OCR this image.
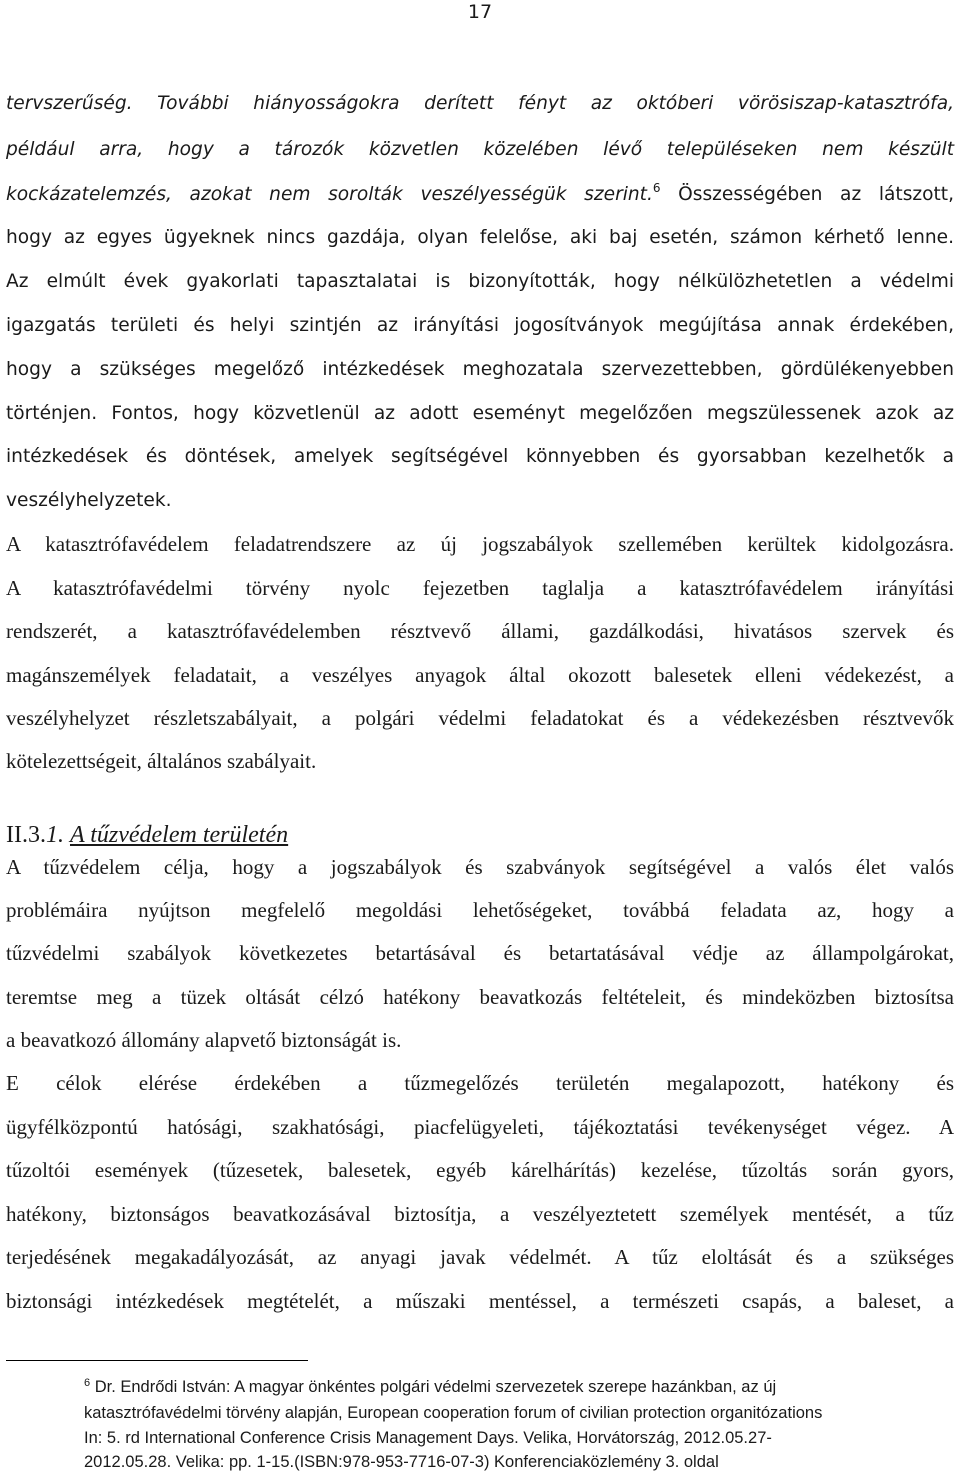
17
tervszerűség. További hiányosságokra derített fényt az októberi vörösiszap-katasztrófa,
például arra, hogy a tározók közvetlen közelében lévő településeken nem készült
kockázatelemzés, azokat nem sorolták veszélyességük szerint.$^6$ Összességében az látszott,
hogy az egyes ügyeknek nincs gazdája, olyan felelőse, aki baj esetén, számon kérhető lenne.
Az elmúlt évek gyakorlati tapasztalatai is bizonyították, hogy nélkülözhetetlen a védelmi
igazgatás területi és helyi szintjén az irányítási jogosítványok megújítása annak érdekében,
hogy a szükséges megelőző intézkedések meghozatala szervezettebben, gördülékenyebben
történjen. Fontos, hogy közvetlenül az adott eseményt megelőzően megszülessenek azok az
intézkedések és döntések, amelyek segítségével könnyebben és gyorsabban kezelhetők a
veszélyhelyzetek.
A katasztrófavédelem feladatrendszere az új jogszabályok szellemében kerültek kidolgozásra.
A katasztrófavédelmi törvény nyolc fejezetben taglalja a katasztrófavédelem irányítási
rendszerét, a katasztrófavédelemben résztvevő állami, gazdálkodási, hivatásos szervek és
magánszemélyek feladatait, a veszélyes anyagok által okozott balesetek elleni védekezést, a
veszélyhelyzet részletszabályait, a polgári védelmi feladatokat és a védekezésben résztvevők
kötelezettségeit, általános szabályait.
II.3.1. A tűzvédelem területén
A tűzvédelem célja, hogy a jogszabályok és szabványok segítségével a valós élet valós
problémáira nyújtson megfelelő megoldási lehetőségeket, továbbá feladata az, hogy a
tűzvédelmi szabályok következetes betartásával és betartatásával védje az állampolgárokat,
teremtse meg a tüzek oltását célzó hatékony beavatkozás feltételeit, és mindeközben biztosítsa
a beavatkozó állomány alapvető biztonságát is.
E célok elérése érdekében a tűzmegelőzés területén megalapozott, hatékony és
ügyfélközpontú hatósági, szakhatósági, piacfelügyeleti, tájékoztatási tevékenységet végez. A
tűzoltói események (tűzesetek, balesetek, egyéb kárelhárítás) kezelése, tűzoltás során gyors,
hatékony, biztonságos beavatkozásával biztosítja, a veszélyeztetett személyek mentését, a tűz
terjedésének megakadályozását, az anyagi javak védelmét. A tűz eloltását és a szükséges
biztonsági intézkedések megtételét, a műszaki mentéssel, a természeti csapás, a baleset, a
$^6$ Dr. Endrődi István: A magyar önkéntes polgári védelmi szervezetek szerepe hazánkban, az új
katasztrófavédelmi törvény alapján, European cooperation forum of civilian protection organitózations
In: 5. rd International Conference Crisis Management Days. Velika, Horvátország, 2012.05.27-
2012.05.28. Velika: pp. 1-15.(ISBN:978-953-7716-07-3) Konferenciaközlemény 3. oldal
